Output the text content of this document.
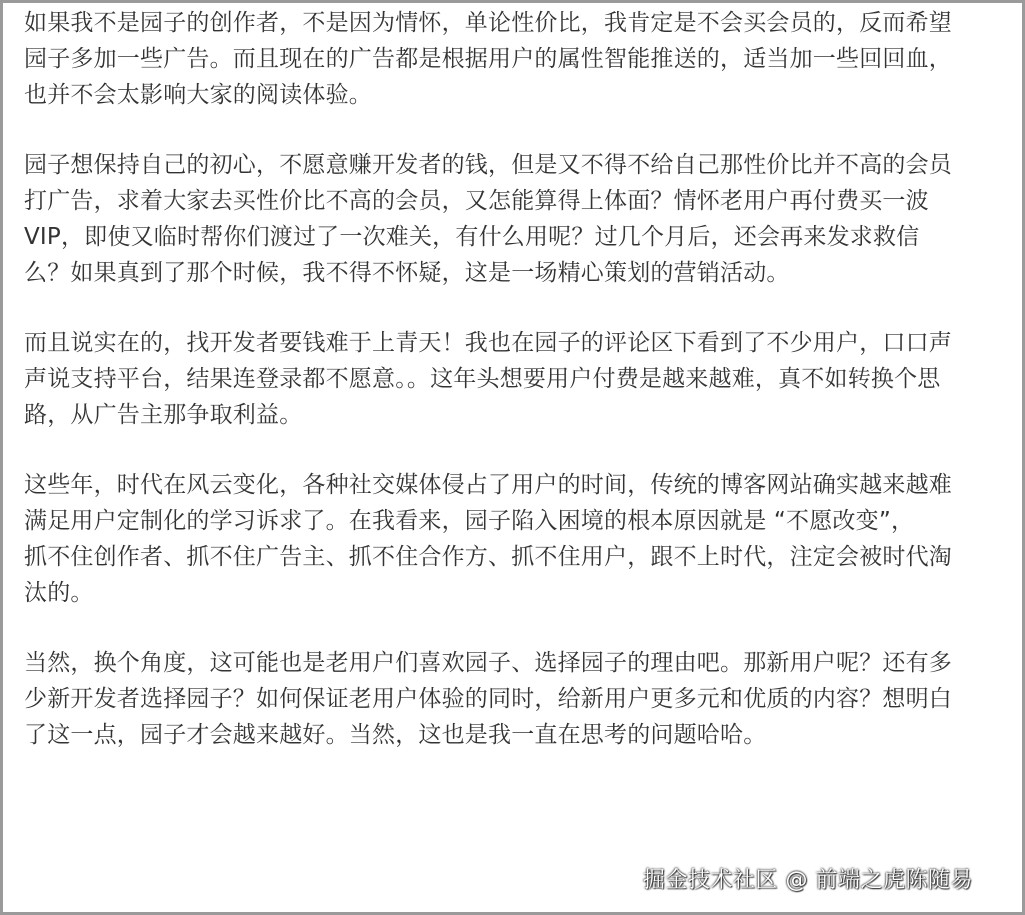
如果我不是园子的创作者，不是因为情怀，单论性价比，我肯定是不会买会员的，反而希望
园子多加一些广告。而且现在的广告都是根据用户的属性智能推送的，适当加一些回回血，
也并不会太影响大家的阅读体验。

园子想保持自己的初心，不愿意赚开发者的钱，但是又不得不给自己那性价比并不高的会员
打广告，求着大家去买性价比不高的会员，又怎能算得上体面？情怀老用户再付费买一波
VIP，即使又临时帮你们渡过了一次难关，有什么用呢？过几个月后，还会再来发求救信
么？如果真到了那个时候，我不得不怀疑，这是一场精心策划的营销活动。

而且说实在的，找开发者要钱难于上青天！我也在园子的评论区下看到了不少用户，口口声
声说支持平台，结果连登录都不愿意。。这年头想要用户付费是越来越难，真不如转换个思
路，从广告主那争取利益。

这些年，时代在风云变化，各种社交媒体侵占了用户的时间，传统的博客网站确实越来越难
满足用户定制化的学习诉求了。在我看来，园子陷入困境的根本原因就是 “不愿改变”，
抓不住创作者、抓不住广告主、抓不住合作方、抓不住用户，跟不上时代，注定会被时代淘
汰的。

当然，换个角度，这可能也是老用户们喜欢园子、选择园子的理由吧。那新用户呢？还有多
少新开发者选择园子？如何保证老用户体验的同时，给新用户更多元和优质的内容？想明白
了这一点，园子才会越来越好。当然，这也是我一直在思考的问题哈哈。

掘金技术社区 @ 前端之虎陈随易
